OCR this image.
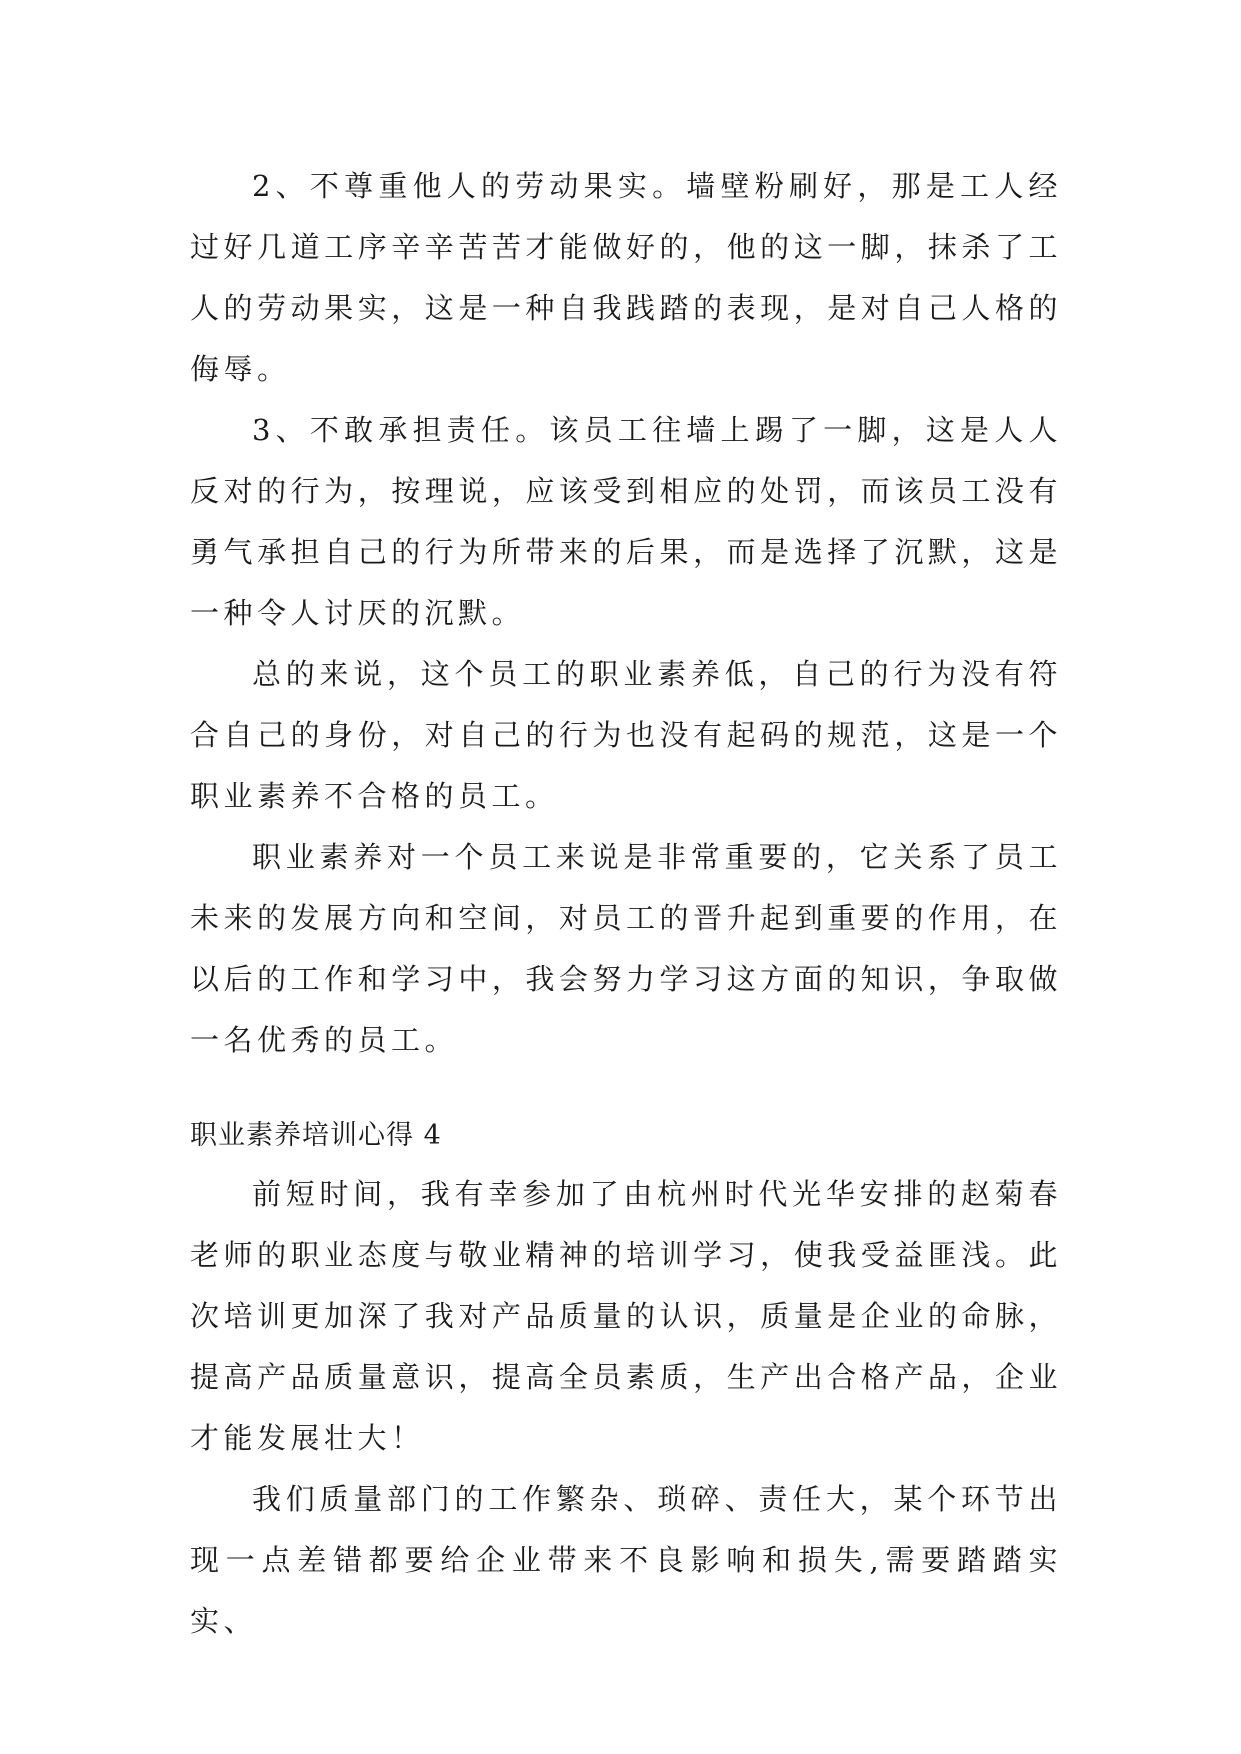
2、不尊重他人的劳动果实。墙壁粉刷好，那是工人经过好几道工序辛辛苦苦才能做好的，他的这一脚，抹杀了工人的劳动果实，这是一种自我践踏的表现，是对自己人格的侮辱。

3、不敢承担责任。该员工往墙上踢了一脚，这是人人反对的行为，按理说，应该受到相应的处罚，而该员工没有勇气承担自己的行为所带来的后果，而是选择了沉默，这是一种令人讨厌的沉默。

总的来说，这个员工的职业素养低，自己的行为没有符合自己的身份，对自己的行为也没有起码的规范，这是一个职业素养不合格的员工。

职业素养对一个员工来说是非常重要的，它关系了员工未来的发展方向和空间，对员工的晋升起到重要的作用，在以后的工作和学习中，我会努力学习这方面的知识，争取做一名优秀的员工。

职业素养培训心得 4

前短时间，我有幸参加了由杭州时代光华安排的赵菊春老师的职业态度与敬业精神的培训学习，使我受益匪浅。此次培训更加深了我对产品质量的认识，质量是企业的命脉，提高产品质量意识，提高全员素质，生产出合格产品，企业才能发展壮大！

我们质量部门的工作繁杂、琐碎、责任大，某个环节出现一点差错都要给企业带来不良影响和损失,需要踏踏实实、
